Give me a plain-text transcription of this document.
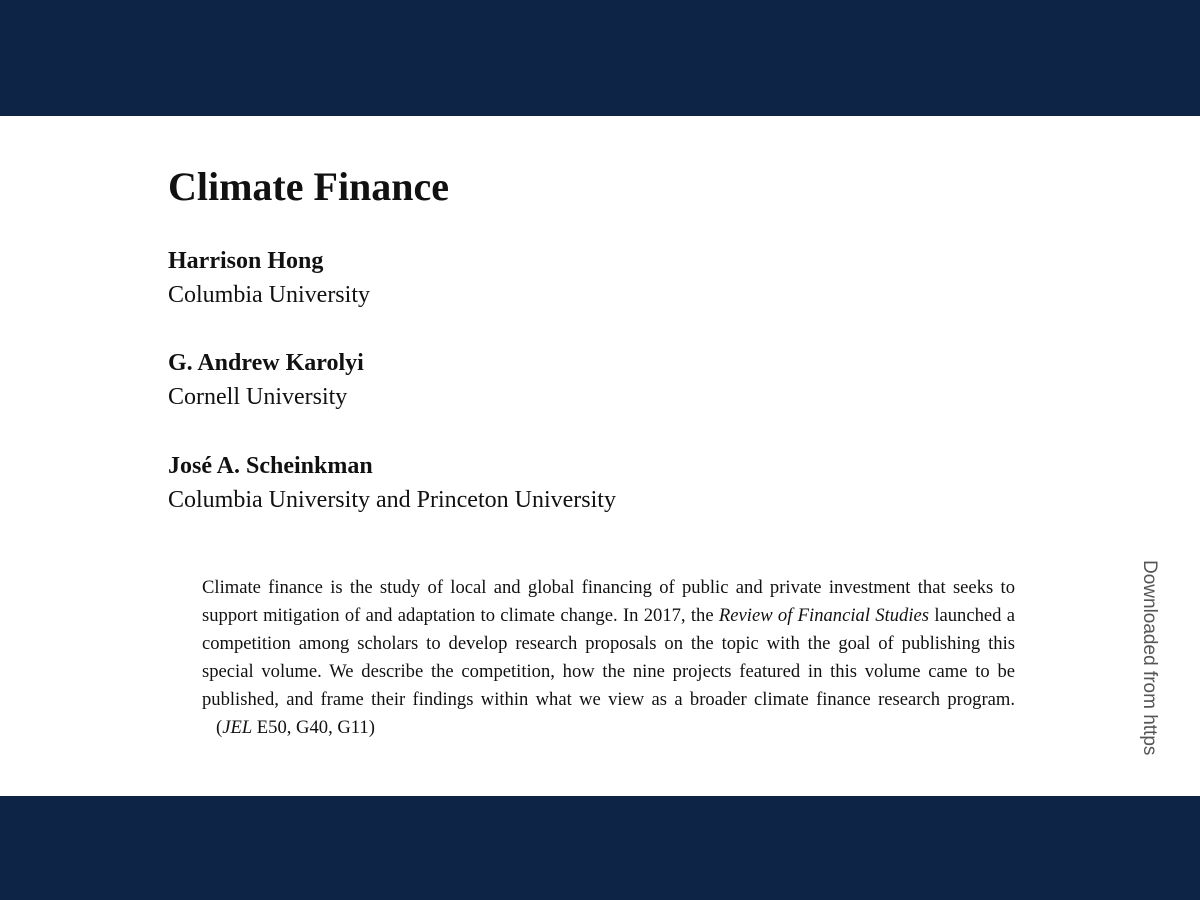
Climate Finance
Harrison Hong
Columbia University
G. Andrew Karolyi
Cornell University
José A. Scheinkman
Columbia University and Princeton University

Climate finance is the study of local and global financing of public and private investment that seeks to support mitigation of and adaptation to climate change. In 2017, the Review of Financial Studies launched a competition among scholars to develop research proposals on the topic with the goal of publishing this special volume. We describe the competition, how the nine projects featured in this volume came to be published, and frame their findings within what we view as a broader climate finance research program.(JEL E50, G40, G11)	Downloaded from https
